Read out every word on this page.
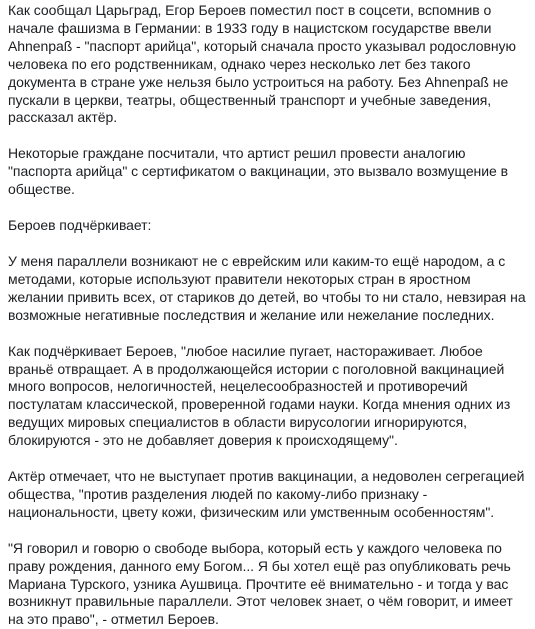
Как сообщал Царьград, Егор Бероев поместил пост в соцсети, вспомнив о начале фашизма в Германии: в 1933 году в нацистском государстве ввели Ahnenpaß - "паспорт арийца", который сначала просто указывал родословную человека по его родственникам, однако через несколько лет без такого документа в стране уже нельзя было устроиться на работу. Без Ahnenpaß не пускали в церкви, театры, общественный транспорт и учебные заведения, рассказал актёр.

Некоторые граждане посчитали, что артист решил провести аналогию "паспорта арийца" с сертификатом о вакцинации, это вызвало возмущение в обществе.

Бероев подчёркивает:

У меня параллели возникают не с еврейским или каким-то ещё народом, а с методами, которые используют правители некоторых стран в яростном желании привить всех, от стариков до детей, во чтобы то ни стало, невзирая на возможные негативные последствия и желание или нежелание последних.

Как подчёркивает Бероев, "любое насилие пугает, настораживает. Любое враньё отвращает. А в продолжающейся истории с поголовной вакцинацией много вопросов, нелогичностей, нецелесообразностей и противоречий постулатам классической, проверенной годами науки. Когда мнения одних из ведущих мировых специалистов в области вирусологии игнорируются, блокируются - это не добавляет доверия к происходящему".

Актёр отмечает, что не выступает против вакцинации, а недоволен сегрегацией общества, "против разделения людей по какому-либо признаку - национальности, цвету кожи, физическим или умственным особенностям".

"Я говорил и говорю о свободе выбора, который есть у каждого человека по праву рождения, данного ему Богом... Я бы хотел ещё раз опубликовать речь Мариана Турского, узника Аушвица. Прочтите её внимательно - и тогда у вас возникнут правильные параллели. Этот человек знает, о чём говорит, и имеет на это право", - отметил Бероев.
